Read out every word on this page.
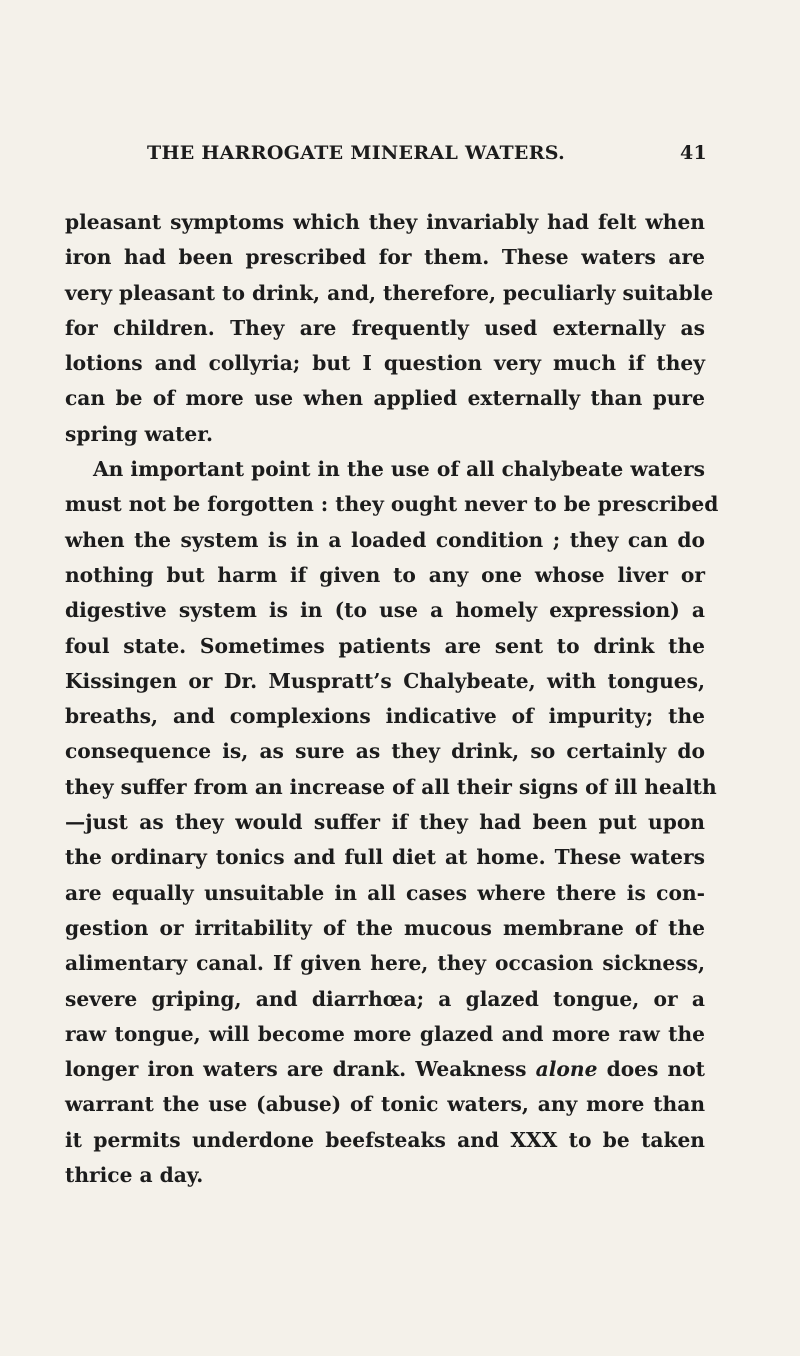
THE HARROGATE MINERAL WATERS.	41
pleasant symptoms which they invariably had felt when
iron had been prescribed for them. These waters are
very pleasant to drink, and, therefore, peculiarly suitable
for children. They are frequently used externally as
lotions and collyria; but I question very much if they
can be of more use when applied externally than pure
spring water.
An important point in the use of all chalybeate waters
must not be forgotten : they ought never to be prescribed
when the system is in a loaded condition ; they can do
nothing but harm if given to any one whose liver or
digestive system is in (to use a homely expression) a
foul state. Sometimes patients are sent to drink the
Kissingen or Dr. Muspratt’s Chalybeate, with tongues,
breaths, and complexions indicative of impurity; the
consequence is, as sure as they drink, so certainly do
they suffer from an increase of all their signs of ill health
—just as they would suffer if they had been put upon
the ordinary tonics and full diet at home. These waters
are equally unsuitable in all cases where there is con-
gestion or irritability of the mucous membrane of the
alimentary canal. If given here, they occasion sickness,
severe griping, and diarrhœa; a glazed tongue, or a
raw tongue, will become more glazed and more raw the
longer iron waters are drank. Weakness alone does not
warrant the use (abuse) of tonic waters, any more than
it permits underdone beefsteaks and XXX to be taken
thrice a day.
